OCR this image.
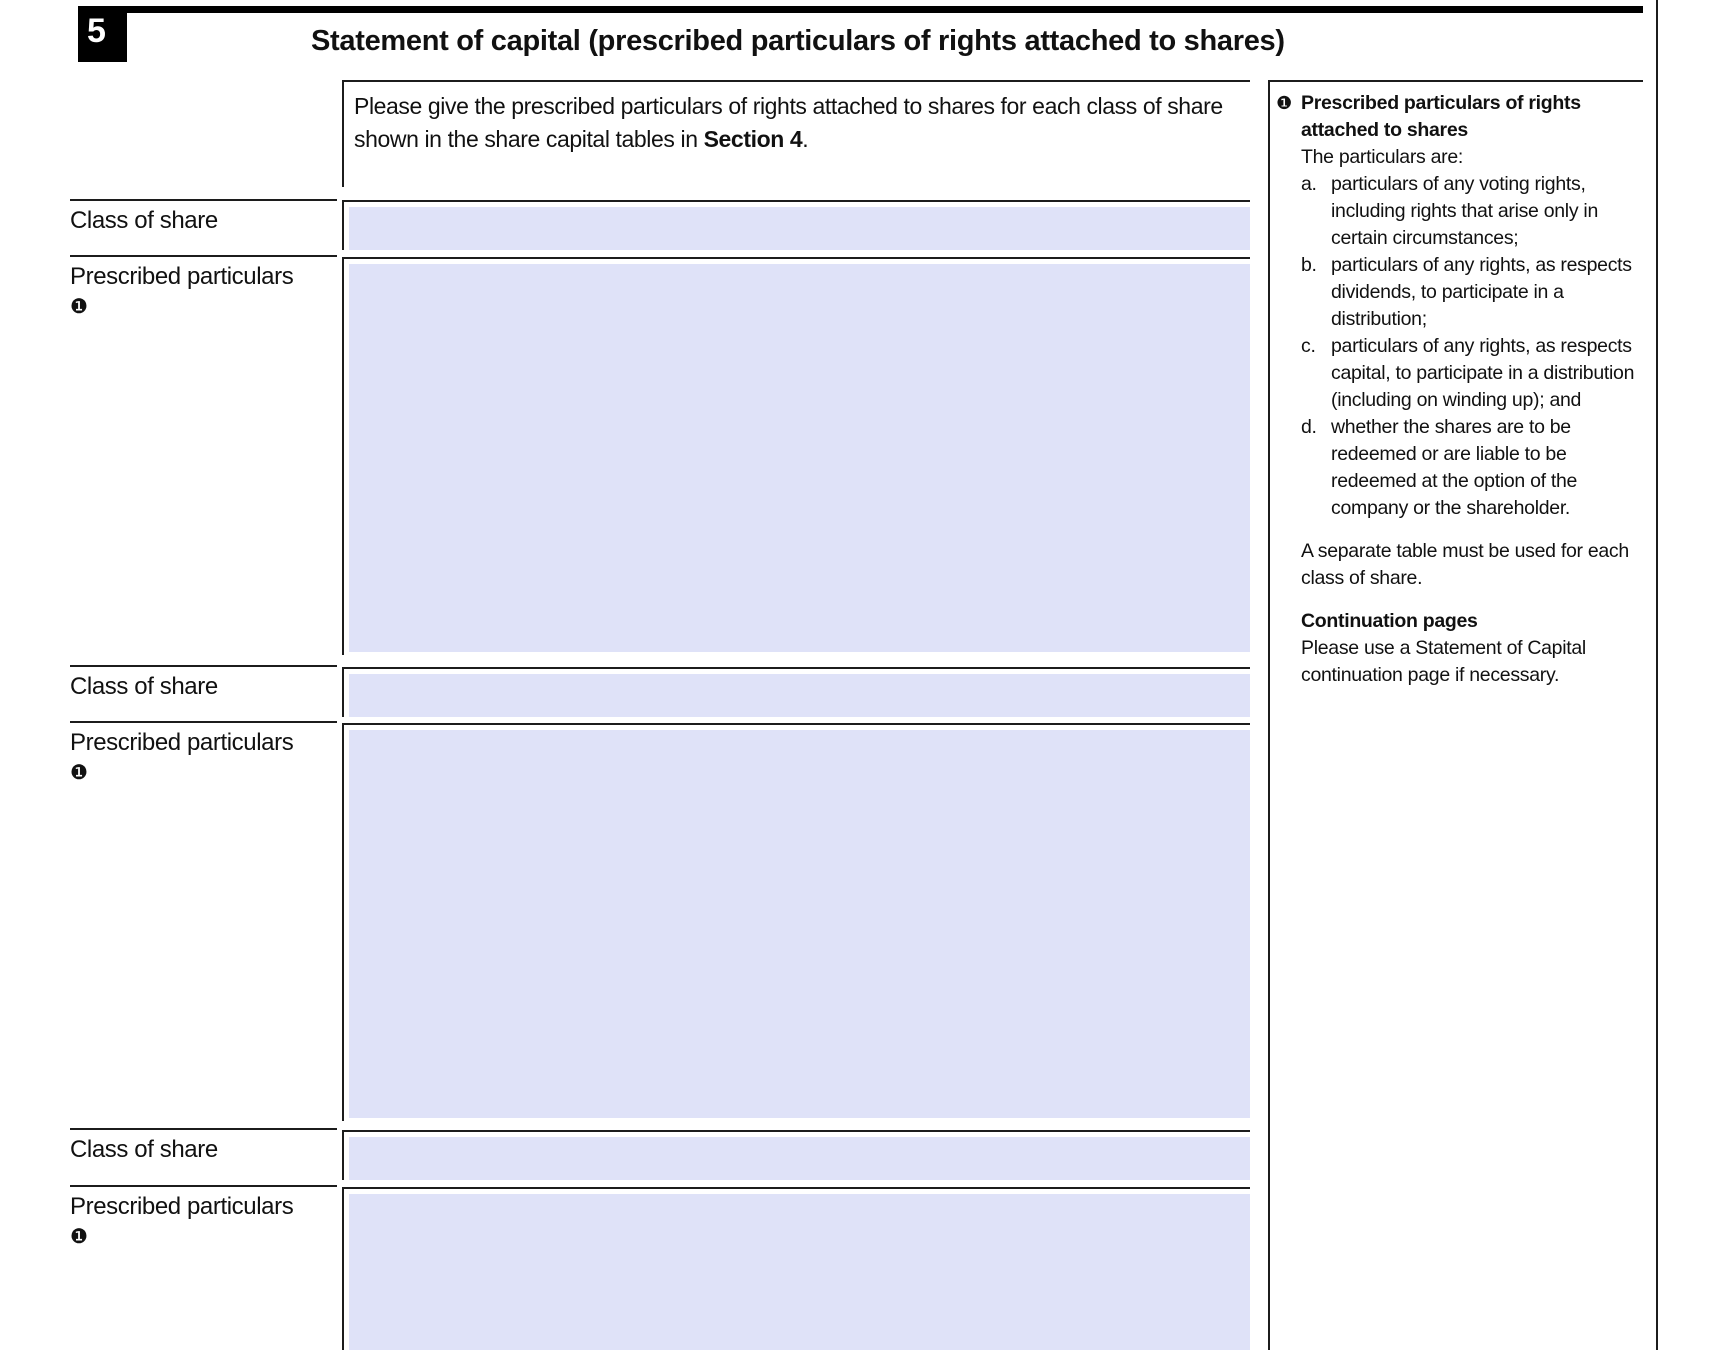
5	Statement of capital (prescribed particulars of rights attached to shares)
Please give the prescribed particulars of rights attached to shares for each class of share shown in the share capital tables in Section 4.
Class of share
Prescribed particulars
❶
Class of share
Prescribed particulars
❶
Class of share
Prescribed particulars
❶
❶ Prescribed particulars of rights attached to shares

The particulars are:

a. particulars of any voting rights, including rights that arise only in certain circumstances;
b. particulars of any rights, as respects dividends, to participate in a distribution;
c. particulars of any rights, as respects capital, to participate in a distribution (including on winding up); and
d. whether the shares are to be redeemed or are liable to be redeemed at the option of the company or the shareholder.

A separate table must be used for each class of share.

Continuation pages

Please use a Statement of Capital continuation page if necessary.
